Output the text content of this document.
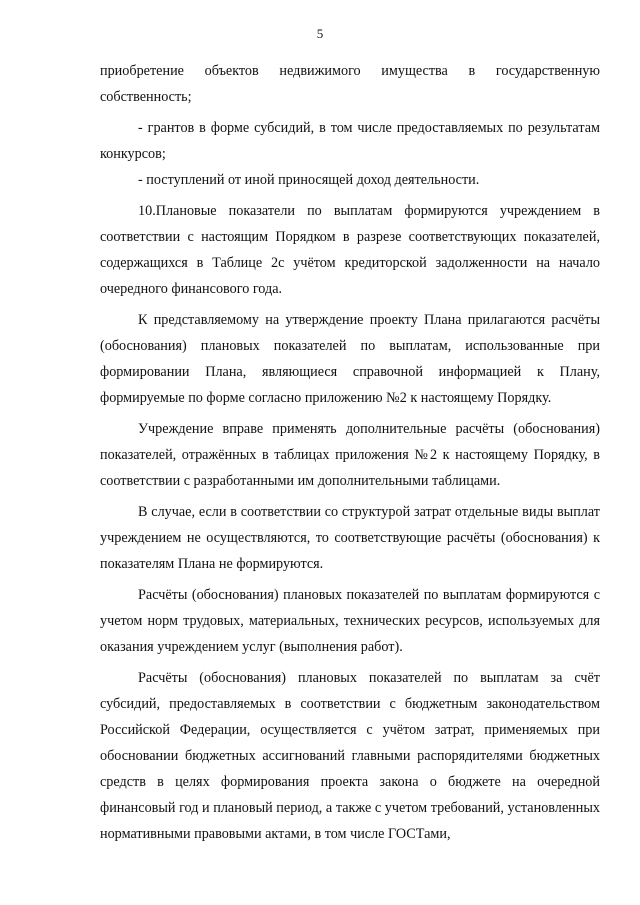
5

приобретение объектов недвижимого имущества в государственную собственность;

- грантов в форме субсидий, в том числе предоставляемых по результатам конкурсов;

- поступлений от иной приносящей доход деятельности.

10.Плановые показатели по выплатам формируются учреждением в соответствии с настоящим Порядком в разрезе соответствующих показателей, содержащихся в Таблице 2с учётом кредиторской задолженности на начало очередного финансового года.

К представляемому на утверждение проекту Плана прилагаются расчёты (обоснования) плановых показателей по выплатам, использованные при формировании Плана, являющиеся справочной информацией к Плану, формируемые по форме согласно приложению №2 к настоящему Порядку.

Учреждение вправе применять дополнительные расчёты (обоснования) показателей, отражённых в таблицах приложения №2 к настоящему Порядку, в соответствии с разработанными им дополнительными таблицами.

В случае, если в соответствии со структурой затрат отдельные виды выплат учреждением не осуществляются, то соответствующие расчёты (обоснования) к показателям Плана не формируются.

Расчёты (обоснования) плановых показателей по выплатам формируются с учетом норм трудовых, материальных, технических ресурсов, используемых для оказания учреждением услуг (выполнения работ).

Расчёты (обоснования) плановых показателей по выплатам за счёт субсидий, предоставляемых в соответствии с бюджетным законодательством Российской Федерации, осуществляется с учётом затрат, применяемых при обосновании бюджетных ассигнований главными распорядителями бюджетных средств в целях формирования проекта закона о бюджете на очередной финансовый год и плановый период, а также с учетом требований, установленных нормативными правовыми актами, в том числе ГОСТами,
